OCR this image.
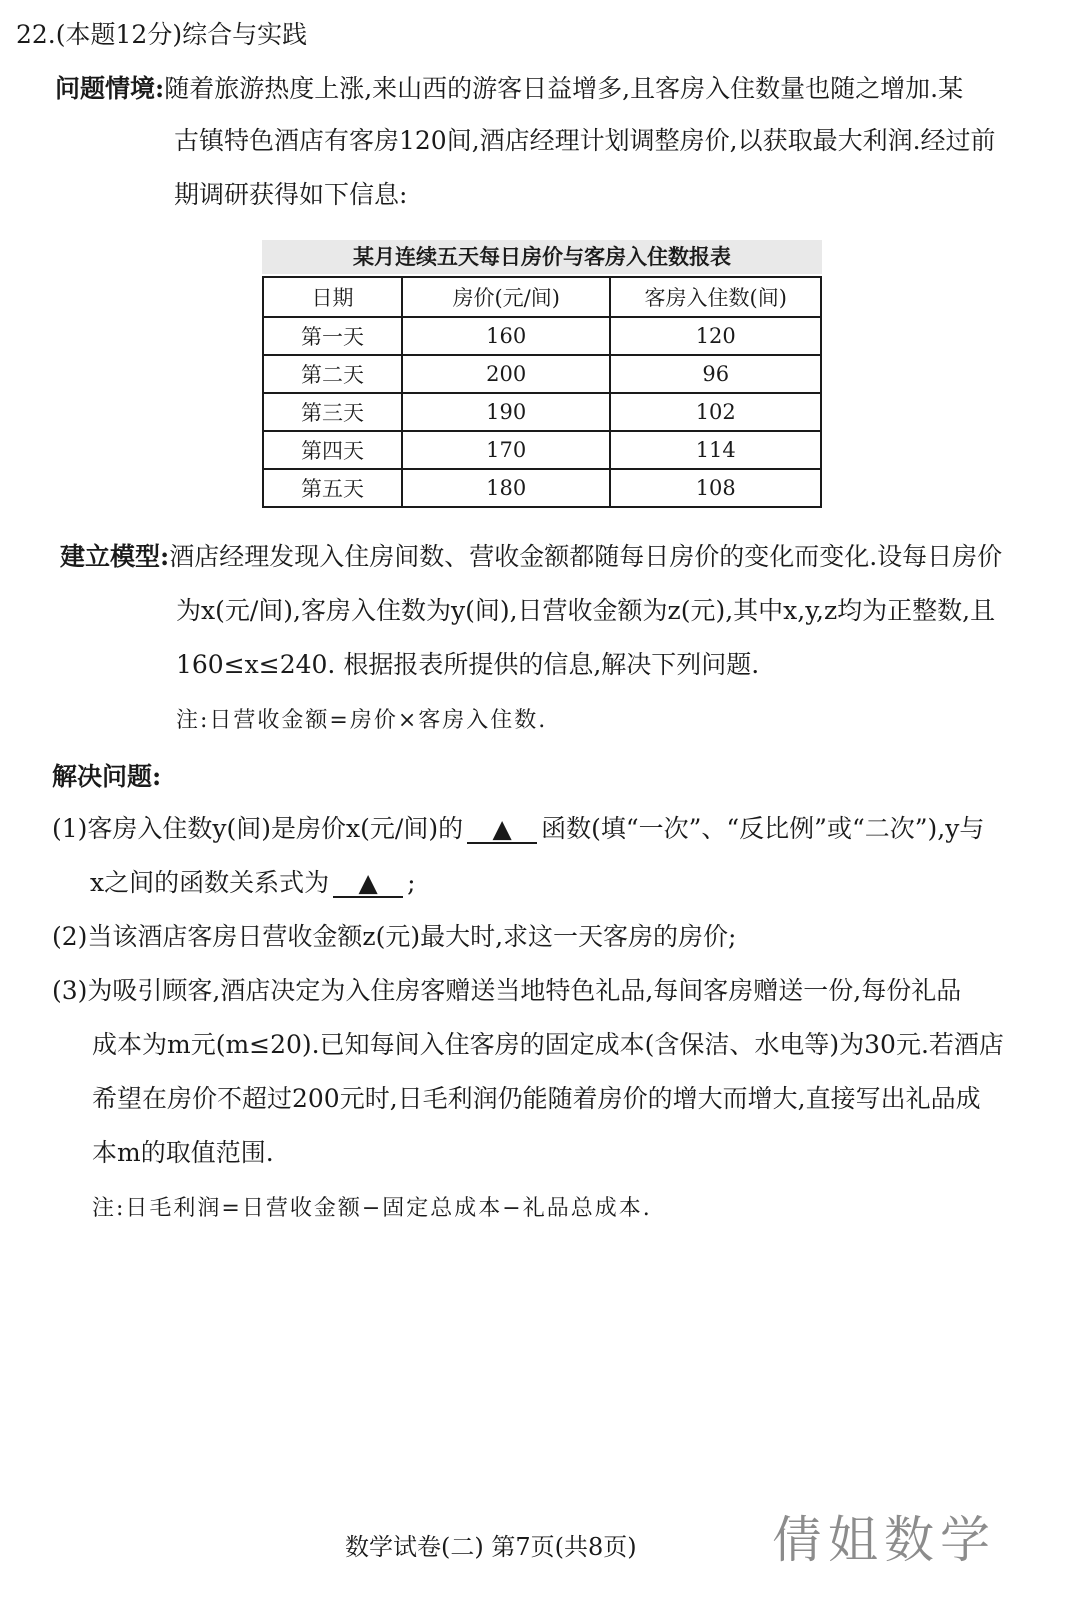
22.(本题12分)综合与实践
问题情境:随着旅游热度上涨,来山西的游客日益增多,且客房入住数量也随之增加.某
古镇特色酒店有客房120间,酒店经理计划调整房价,以获取最大利润.经过前
期调研获得如下信息:
某月连续五天每日房价与客房入住数报表
日期	房价(元/间)	客房入住数(间)
第一天	160	120
第二天	200	96
第三天	190	102
第四天	170	114
第五天	180	108
建立模型:酒店经理发现入住房间数、营收金额都随每日房价的变化而变化.设每日房价
为x(元/间),客房入住数为y(间),日营收金额为z(元),其中x,y,z均为正整数,且
160≤x≤240. 根据报表所提供的信息,解决下列问题.
注:日营收金额=房价×客房入住数.
解决问题:
(1)客房入住数y(间)是房价x(元/间)的 ▲ 函数(填“一次”、“反比例”或“二次”),y与
x之间的函数关系式为 ▲ ;
(2)当该酒店客房日营收金额z(元)最大时,求这一天客房的房价;
(3)为吸引顾客,酒店决定为入住房客赠送当地特色礼品,每间客房赠送一份,每份礼品
成本为m元(m≤20).已知每间入住客房的固定成本(含保洁、水电等)为30元.若酒店
希望在房价不超过200元时,日毛利润仍能随着房价的增大而增大,直接写出礼品成
本m的取值范围.
注:日毛利润=日营收金额−固定总成本−礼品总成本.
数学试卷(二) 第7页(共8页)	倩姐数学
